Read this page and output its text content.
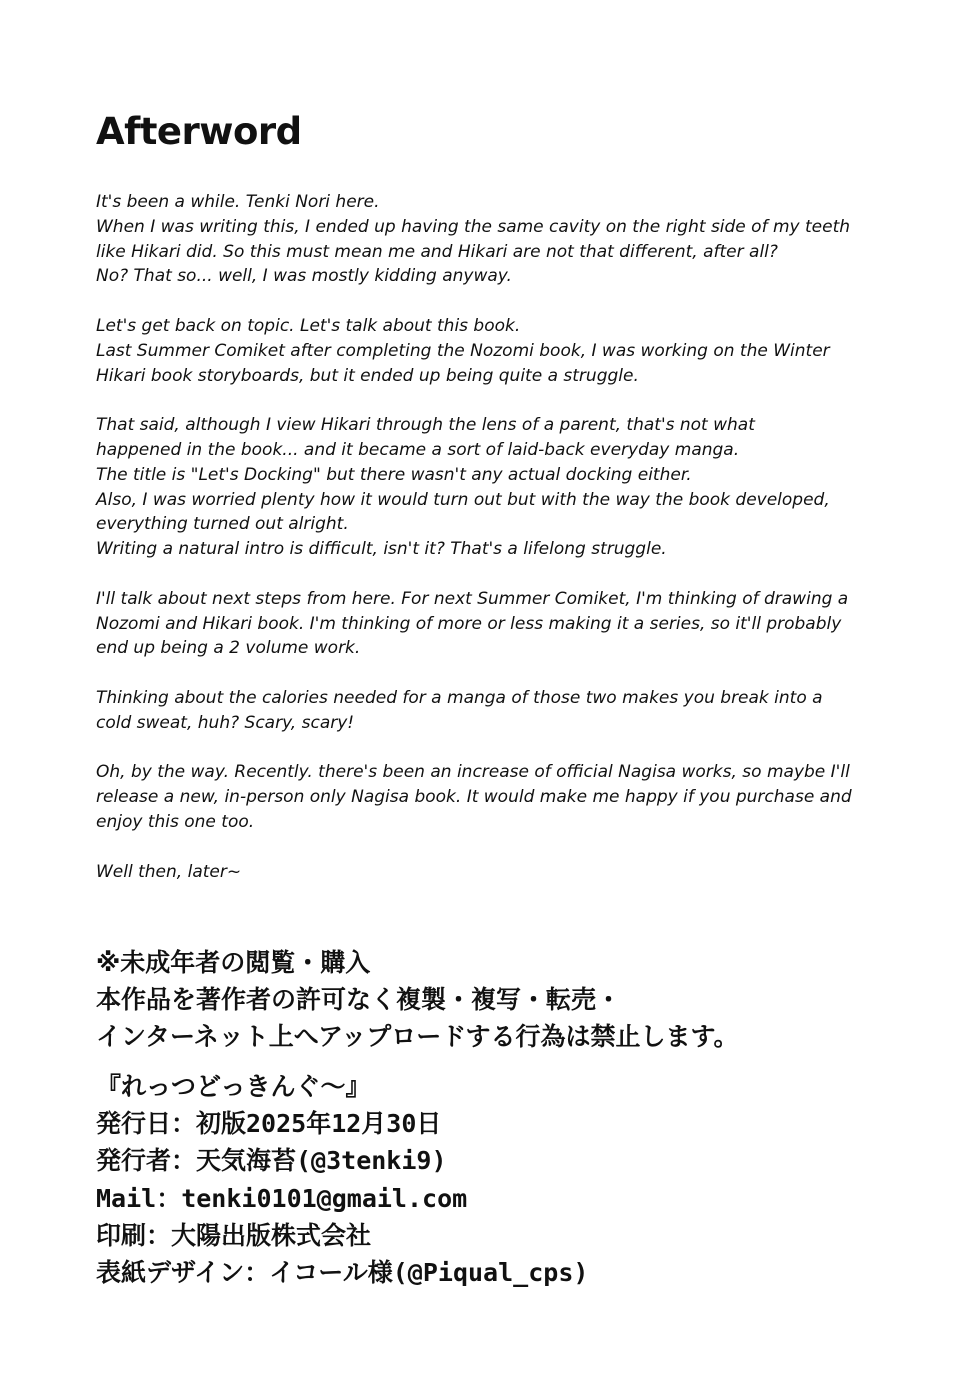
Afterword

It's been a while. Tenki Nori here.
When I was writing this, I ended up having the same cavity on the right side of my teeth
like Hikari did. So this must mean me and Hikari are not that different, after all?
No? That so... well, I was mostly kidding anyway.

Let's get back on topic. Let's talk about this book.
Last Summer Comiket after completing the Nozomi book, I was working on the Winter
Hikari book storyboards, but it ended up being quite a struggle.

That said, although I view Hikari through the lens of a parent, that's not what
happened in the book... and it became a sort of laid-back everyday manga.
The title is "Let's Docking" but there wasn't any actual docking either.
Also, I was worried plenty how it would turn out but with the way the book developed,
everything turned out alright.
Writing a natural intro is difficult, isn't it? That's a lifelong struggle.

I'll talk about next steps from here. For next Summer Comiket, I'm thinking of drawing a
Nozomi and Hikari book. I'm thinking of more or less making it a series, so it'll probably
end up being a 2 volume work.

Thinking about the calories needed for a manga of those two makes you break into a
cold sweat, huh? Scary, scary!

Oh, by the way. Recently. there's been an increase of official Nagisa works, so maybe I'll
release a new, in-person only Nagisa book. It would make me happy if you purchase and
enjoy this one too.

Well then, later~

※未成年者の閲覧・購入
本作品を著作者の許可なく複製・複写・転売・
インターネット上へアップロードする行為は禁止します。
『れっつどっきんぐ～』
発行日：初版2025年12月30日
発行者：天気海苔(@3tenki9)
Mail：tenki0101@gmail.com
印刷：大陽出版株式会社
表紙デザイン：イコール様(@Piqual_cps)
